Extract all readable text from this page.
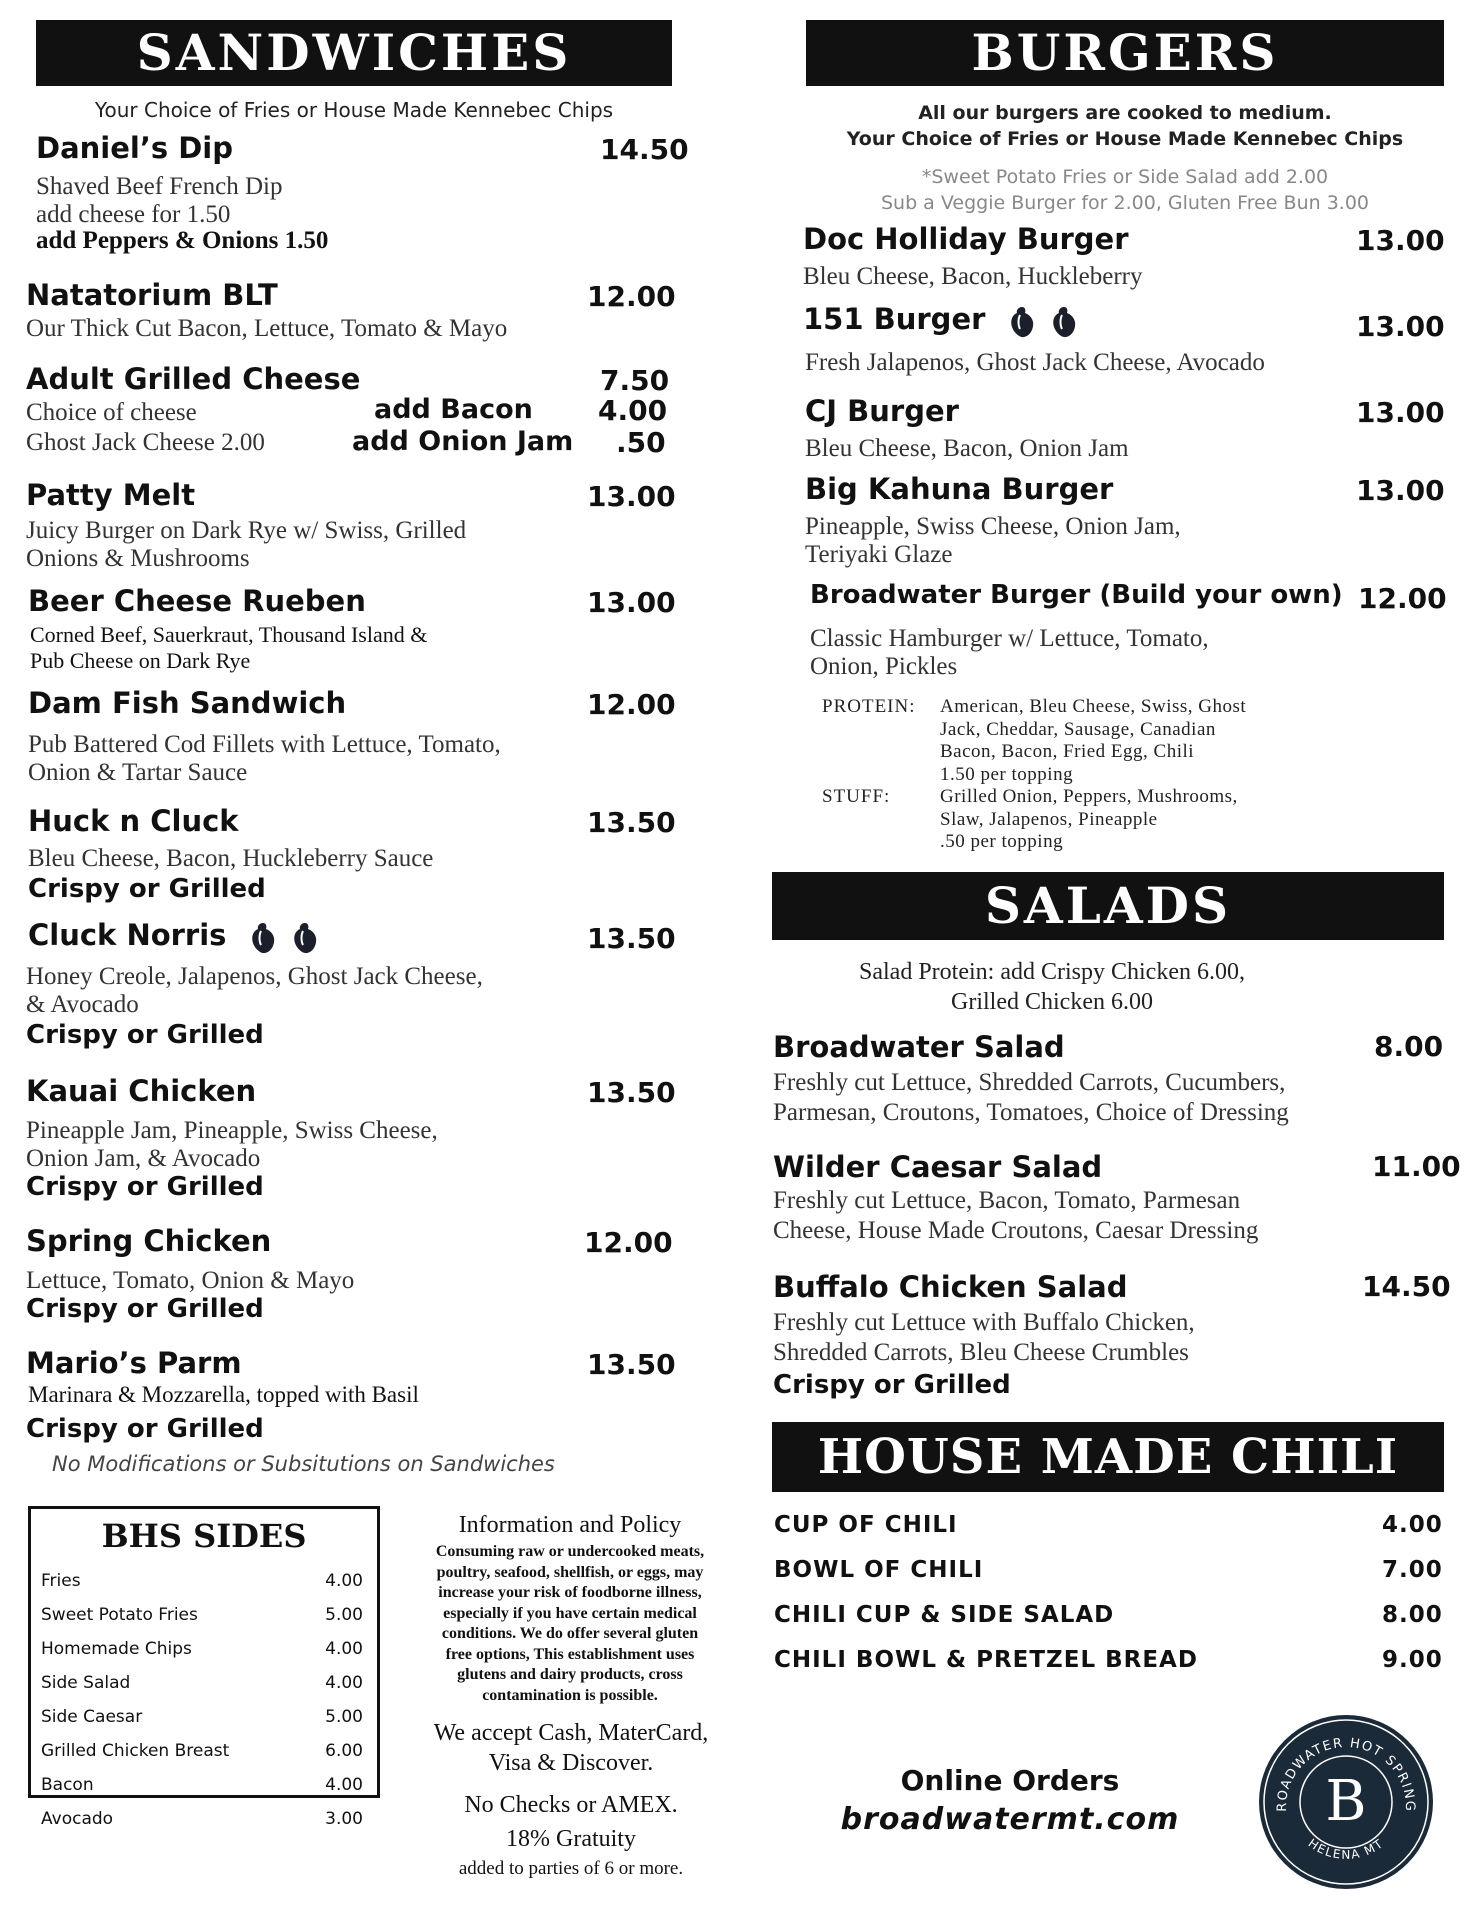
SANDWICHES
Your Choice of Fries or House Made Kennebec Chips
Daniel’s Dip	14.50
Shaved Beef French Dip
add cheese for 1.50
add Peppers & Onions 1.50
Natatorium BLT	12.00
Our Thick Cut Bacon, Lettuce, Tomato & Mayo
Adult Grilled Cheese	7.50
Choice of cheese
Ghost Jack Cheese 2.00
add Bacon 4.00
add Onion Jam .50
Patty Melt	13.00
Juicy Burger on Dark Rye w/ Swiss, Grilled
Onions & Mushrooms
Beer Cheese Rueben	13.00
Corned Beef, Sauerkraut, Thousand Island &
Pub Cheese on Dark Rye
Dam Fish Sandwich	12.00
Pub Battered Cod Fillets with Lettuce, Tomato,
Onion & Tartar Sauce
Huck n Cluck	13.50
Bleu Cheese, Bacon, Huckleberry Sauce
Crispy or Grilled
Cluck Norris	13.50
Honey Creole, Jalapenos, Ghost Jack Cheese,
& Avocado
Crispy or Grilled
Kauai Chicken	13.50
Pineapple Jam, Pineapple, Swiss Cheese,
Onion Jam, & Avocado
Crispy or Grilled
Spring Chicken	12.00
Lettuce, Tomato, Onion & Mayo
Crispy or Grilled
Mario’s Parm	13.50
Marinara & Mozzarella, topped with Basil
Crispy or Grilled
No Modifications or Subsitutions on Sandwiches
BHS SIDES
Fries	4.00
Sweet Potato Fries	5.00
Homemade Chips	4.00
Side Salad	4.00
Side Caesar	5.00
Grilled Chicken Breast	6.00
Bacon	4.00
Avocado	3.00
Information and Policy
Consuming raw or undercooked meats,
poultry, seafood, shellfish, or eggs, may
increase your risk of foodborne illness,
especially if you have certain medical
conditions. We do offer several gluten
free options, This establishment uses
glutens and dairy products, cross
contamination is possible.
We accept Cash, MaterCard,
Visa & Discover.
No Checks or AMEX.
18% Gratuity
added to parties of 6 or more.
BURGERS
All our burgers are cooked to medium.
Your Choice of Fries or House Made Kennebec Chips
*Sweet Potato Fries or Side Salad add 2.00
Sub a Veggie Burger for 2.00, Gluten Free Bun 3.00
Doc Holliday Burger	13.00
Bleu Cheese, Bacon, Huckleberry
151 Burger	13.00
Fresh Jalapenos, Ghost Jack Cheese, Avocado
CJ Burger	13.00
Bleu Cheese, Bacon, Onion Jam
Big Kahuna Burger	13.00
Pineapple, Swiss Cheese, Onion Jam,
Teriyaki Glaze
Broadwater Burger (Build your own) 12.00
Classic Hamburger w/ Lettuce, Tomato,
Onion, Pickles
PROTEIN: American, Bleu Cheese, Swiss, Ghost
Jack, Cheddar, Sausage, Canadian
Bacon, Bacon, Fried Egg, Chili
1.50 per topping
STUFF:	Grilled Onion, Peppers, Mushrooms,
Slaw, Jalapenos, Pineapple
.50 per topping
SALADS
Salad Protein: add Crispy Chicken 6.00,
Grilled Chicken 6.00
Broadwater Salad	8.00
Freshly cut Lettuce, Shredded Carrots, Cucumbers,
Parmesan, Croutons, Tomatoes, Choice of Dressing
Wilder Caesar Salad	11.00
Freshly cut Lettuce, Bacon, Tomato, Parmesan
Cheese, House Made Croutons, Caesar Dressing
Buffalo Chicken Salad	14.50
Freshly cut Lettuce with Buffalo Chicken,
Shredded Carrots, Bleu Cheese Crumbles
Crispy or Grilled
HOUSE MADE CHILI
CUP OF CHILI	4.00
BOWL OF CHILI	7.00
CHILI CUP & SIDE SALAD	8.00
CHILI BOWL & PRETZEL BREAD	9.00
Online Orders
broadwatermt.com	ROADWATER HOT SPRING
HELENA MT
B
